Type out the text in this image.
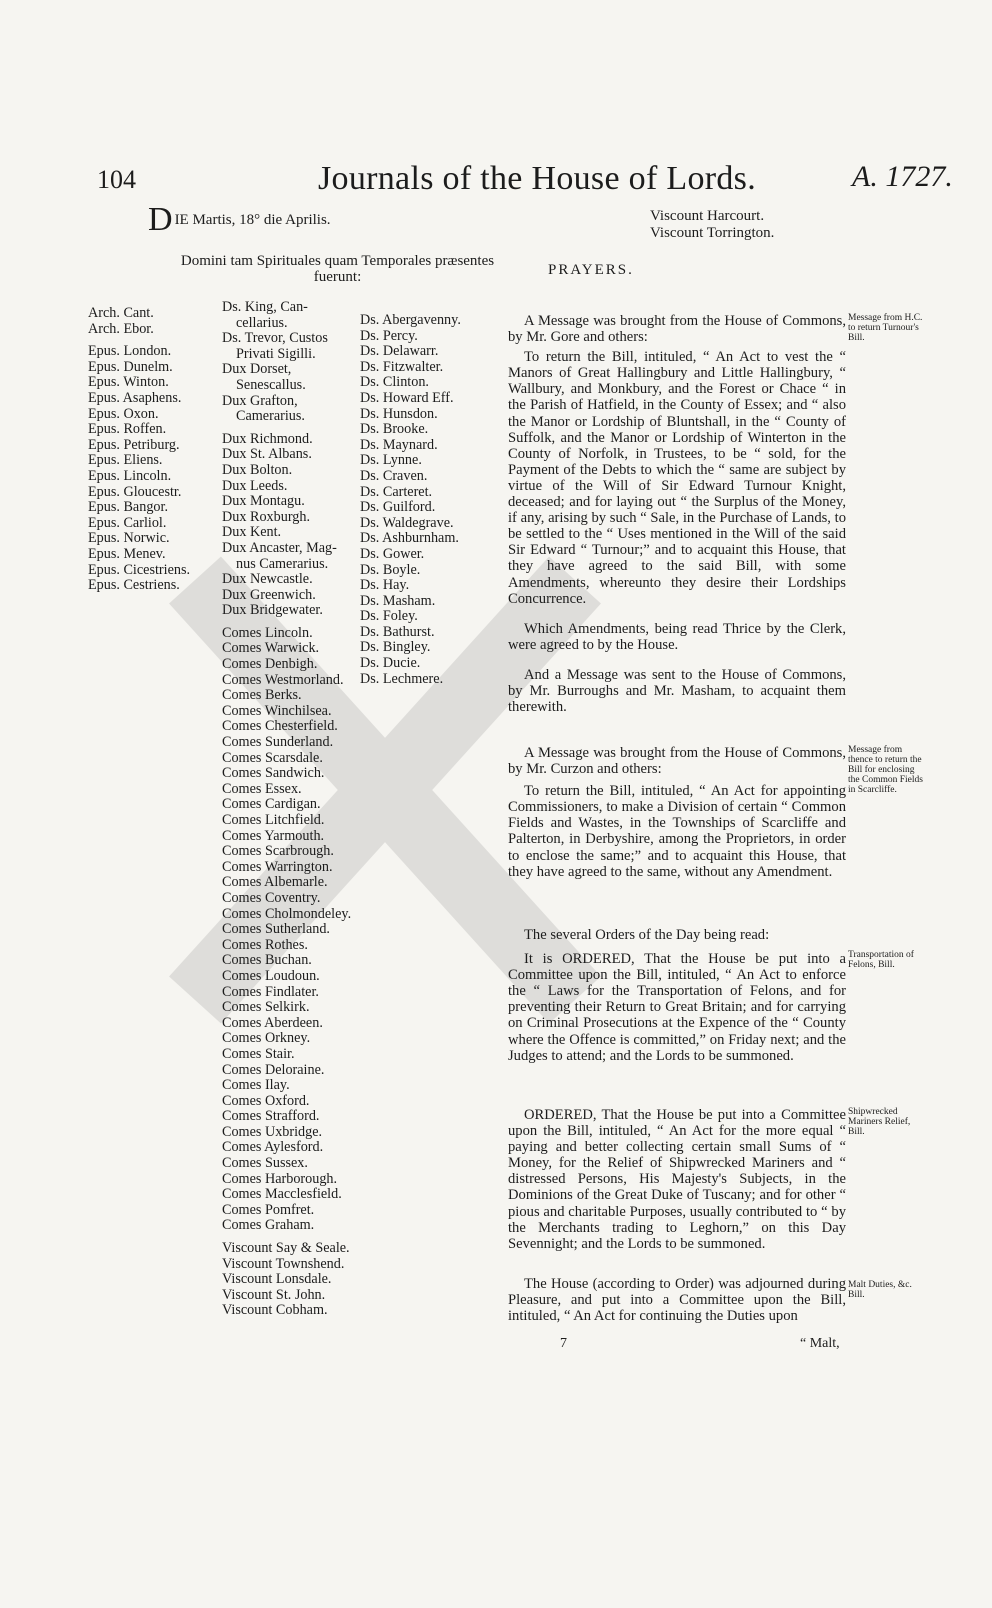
104	Journals of the House of Lords.	A. 1727.
DIE Martis, 18° die Aprilis.
Domini tam Spirituales quam Temporales præsentes fuerunt:
Viscount Harcourt.
Viscount Torrington.
PRAYERS.
Arch. Cant.
Arch. Ebor.
Epus. London.
Epus. Dunelm.
Epus. Winton.
Epus. Asaphens.
Epus. Oxon.
Epus. Roffen.
Epus. Petriburg.
Epus. Eliens.
Epus. Lincoln.
Epus. Gloucestr.
Epus. Bangor.
Epus. Carliol.
Epus. Norwic.
Epus. Menev.
Epus. Cicestriens.
Epus. Cestriens.
Ds. King, Can-
cellarius.
Ds. Trevor, Custos
Privati Sigilli.
Dux Dorset,
Senescallus.
Dux Grafton,
Camerarius.
Dux Richmond.
Dux St. Albans.
Dux Bolton.
Dux Leeds.
Dux Montagu.
Dux Roxburgh.
Dux Kent.
Dux Ancaster, Mag-
nus Camerarius.
Dux Newcastle.
Dux Greenwich.
Dux Bridgewater.
Comes Lincoln.
Comes Warwick.
Comes Denbigh.
Comes Westmorland.
Comes Berks.
Comes Winchilsea.
Comes Chesterfield.
Comes Sunderland.
Comes Scarsdale.
Comes Sandwich.
Comes Essex.
Comes Cardigan.
Comes Litchfield.
Comes Yarmouth.
Comes Scarbrough.
Comes Warrington.
Comes Albemarle.
Comes Coventry.
Comes Cholmondeley.
Comes Sutherland.
Comes Rothes.
Comes Buchan.
Comes Loudoun.
Comes Findlater.
Comes Selkirk.
Comes Aberdeen.
Comes Orkney.
Comes Stair.
Comes Deloraine.
Comes Ilay.
Comes Oxford.
Comes Strafford.
Comes Uxbridge.
Comes Aylesford.
Comes Sussex.
Comes Harborough.
Comes Macclesfield.
Comes Pomfret.
Comes Graham.
Viscount Say & Seale.
Viscount Townshend.
Viscount Lonsdale.
Viscount St. John.
Viscount Cobham.
Ds. Abergavenny.
Ds. Percy.
Ds. Delawarr.
Ds. Fitzwalter.
Ds. Clinton.
Ds. Howard Eff.
Ds. Hunsdon.
Ds. Brooke.
Ds. Maynard.
Ds. Lynne.
Ds. Craven.
Ds. Carteret.
Ds. Guilford.
Ds. Waldegrave.
Ds. Ashburnham.
Ds. Gower.
Ds. Boyle.
Ds. Hay.
Ds. Masham.
Ds. Foley.
Ds. Bathurst.
Ds. Bingley.
Ds. Ducie.
Ds. Lechmere.

A Message was brought from the House of Commons, by Mr. Gore and others:

To return the Bill, intituled, “ An Act to vest the “ Manors of Great Hallingbury and Little Hallingbury, “ Wallbury, and Monkbury, and the Forest or Chace “ in the Parish of Hatfield, in the County of Essex; and “ also the Manor or Lordship of Bluntshall, in the “ County of Suffolk, and the Manor or Lordship of Winterton in the County of Norfolk, in Trustees, to be “ sold, for the Payment of the Debts to which the “ same are subject by virtue of the Will of Sir Edward Turnour Knight, deceased; and for laying out “ the Surplus of the Money, if any, arising by such “ Sale, in the Purchase of Lands, to be settled to the “ Uses mentioned in the Will of the said Sir Edward “ Turnour;” and to acquaint this House, that they have agreed to the said Bill, with some Amendments, whereunto they desire their Lordships Concurrence.

Which Amendments, being read Thrice by the Clerk, were agreed to by the House.

And a Message was sent to the House of Commons, by Mr. Burroughs and Mr. Masham, to acquaint them therewith.

Message from H.C. to return Turnour's Bill.

A Message was brought from the House of Commons, by Mr. Curzon and others:

To return the Bill, intituled, “ An Act for appointing Commissioners, to make a Division of certain “ Common Fields and Wastes, in the Townships of Scarcliffe and Palterton, in Derbyshire, among the Proprietors, in order to enclose the same;” and to acquaint this House, that they have agreed to the same, without any Amendment.

Message from thence to return the Bill for enclosing the Common Fields in Scarcliffe.

The several Orders of the Day being read:

It is ORDERED, That the House be put into a Committee upon the Bill, intituled, “ An Act to enforce the “ Laws for the Transportation of Felons, and for preventing their Return to Great Britain; and for carrying on Criminal Prosecutions at the Expence of the “ County where the Offence is committed,” on Friday next; and the Judges to attend; and the Lords to be summoned.

Transportation of Felons, Bill.

ORDERED, That the House be put into a Committee upon the Bill, intituled, “ An Act for the more equal “ paying and better collecting certain small Sums of “ Money, for the Relief of Shipwrecked Mariners and “ distressed Persons, His Majesty's Subjects, in the Dominions of the Great Duke of Tuscany; and for other “ pious and charitable Purposes, usually contributed to “ by the Merchants trading to Leghorn,” on this Day Sevennight; and the Lords to be summoned.

Shipwrecked Mariners Relief, Bill.

The House (according to Order) was adjourned during Pleasure, and put into a Committee upon the Bill, intituled, “ An Act for continuing the Duties upon

Malt Duties, &c. Bill.
7	“ Malt,
